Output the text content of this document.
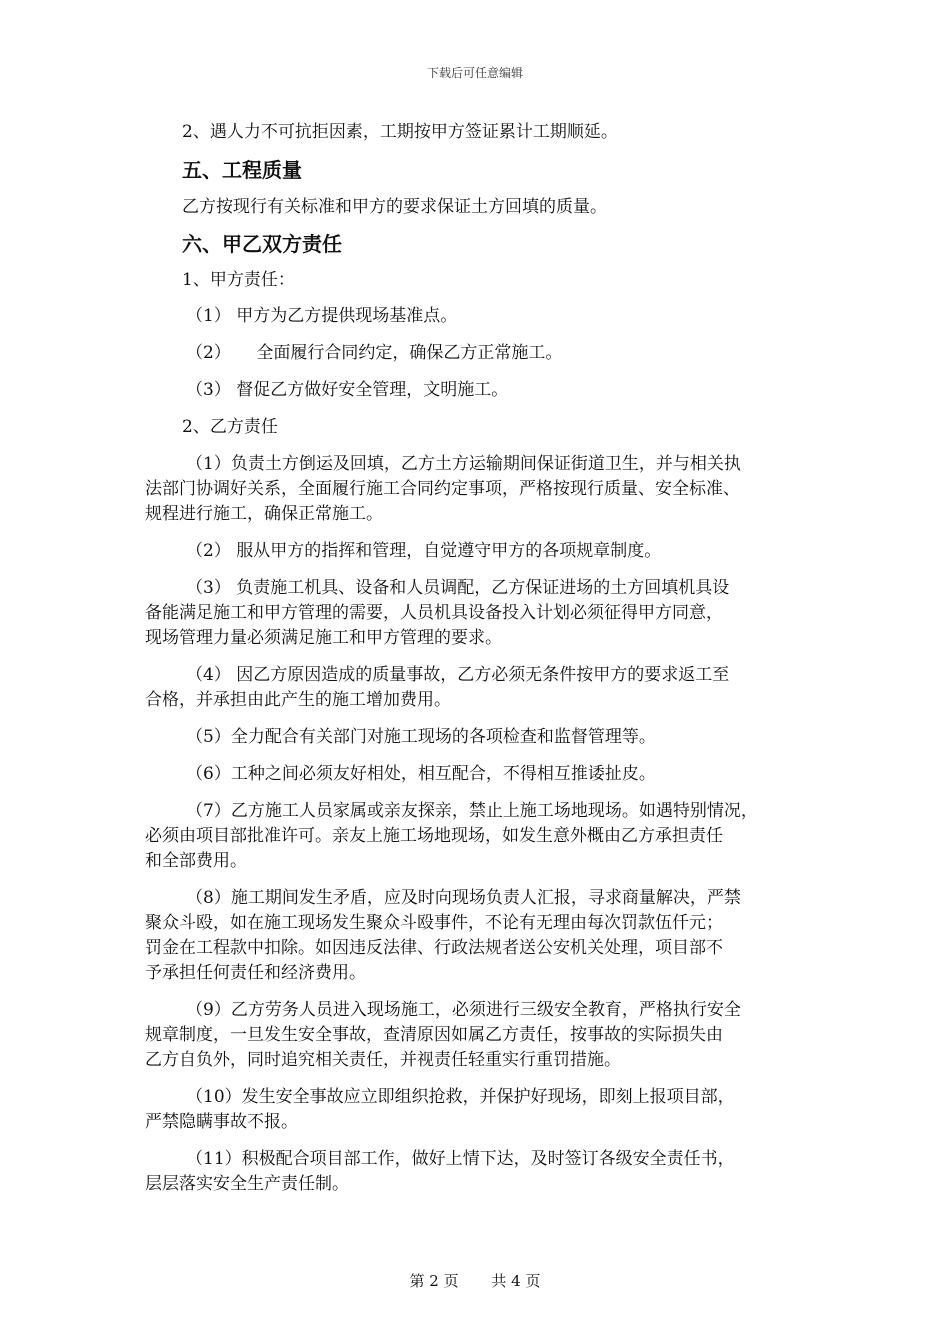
下载后可任意编辑
2、遇人力不可抗拒因素，工期按甲方签证累计工期顺延。
五、工程质量
乙方按现行有关标准和甲方的要求保证土方回填的质量。
六、甲乙双方责任
1、甲方责任：
（1） 甲方为乙方提供现场基准点。
（2）　　全面履行合同约定，确保乙方正常施工。
（3） 督促乙方做好安全管理，文明施工。
2、乙方责任
（1）负责土方倒运及回填，乙方土方运输期间保证街道卫生，并与相关执
法部门协调好关系，全面履行施工合同约定事项，严格按现行质量、安全标准、
规程进行施工，确保正常施工。
（2） 服从甲方的指挥和管理，自觉遵守甲方的各项规章制度。
（3） 负责施工机具、设备和人员调配，乙方保证进场的土方回填机具设
备能满足施工和甲方管理的需要，人员机具设备投入计划必须征得甲方同意，
现场管理力量必须满足施工和甲方管理的要求。
（4） 因乙方原因造成的质量事故，乙方必须无条件按甲方的要求返工至
合格，并承担由此产生的施工增加费用。
（5）全力配合有关部门对施工现场的各项检查和监督管理等。
（6）工种之间必须友好相处，相互配合，不得相互推诿扯皮。
（7）乙方施工人员家属或亲友探亲，禁止上施工场地现场。如遇特别情况，
必须由项目部批准许可。亲友上施工场地现场，如发生意外概由乙方承担责任
和全部费用。
（8）施工期间发生矛盾，应及时向现场负责人汇报，寻求商量解决，严禁
聚众斗殴，如在施工现场发生聚众斗殴事件，不论有无理由每次罚款伍仟元；
罚金在工程款中扣除。如因违反法律、行政法规者送公安机关处理，项目部不
予承担任何责任和经济费用。
（9）乙方劳务人员进入现场施工，必须进行三级安全教育，严格执行安全
规章制度，一旦发生安全事故，查清原因如属乙方责任，按事故的实际损失由
乙方自负外，同时追究相关责任，并视责任轻重实行重罚措施。
（10）发生安全事故应立即组织抢救，并保护好现场，即刻上报项目部，
严禁隐瞒事故不报。
（11）积极配合项目部工作，做好上情下达，及时签订各级安全责任书，
层层落实安全生产责任制。
第 2 页 共 4 页
